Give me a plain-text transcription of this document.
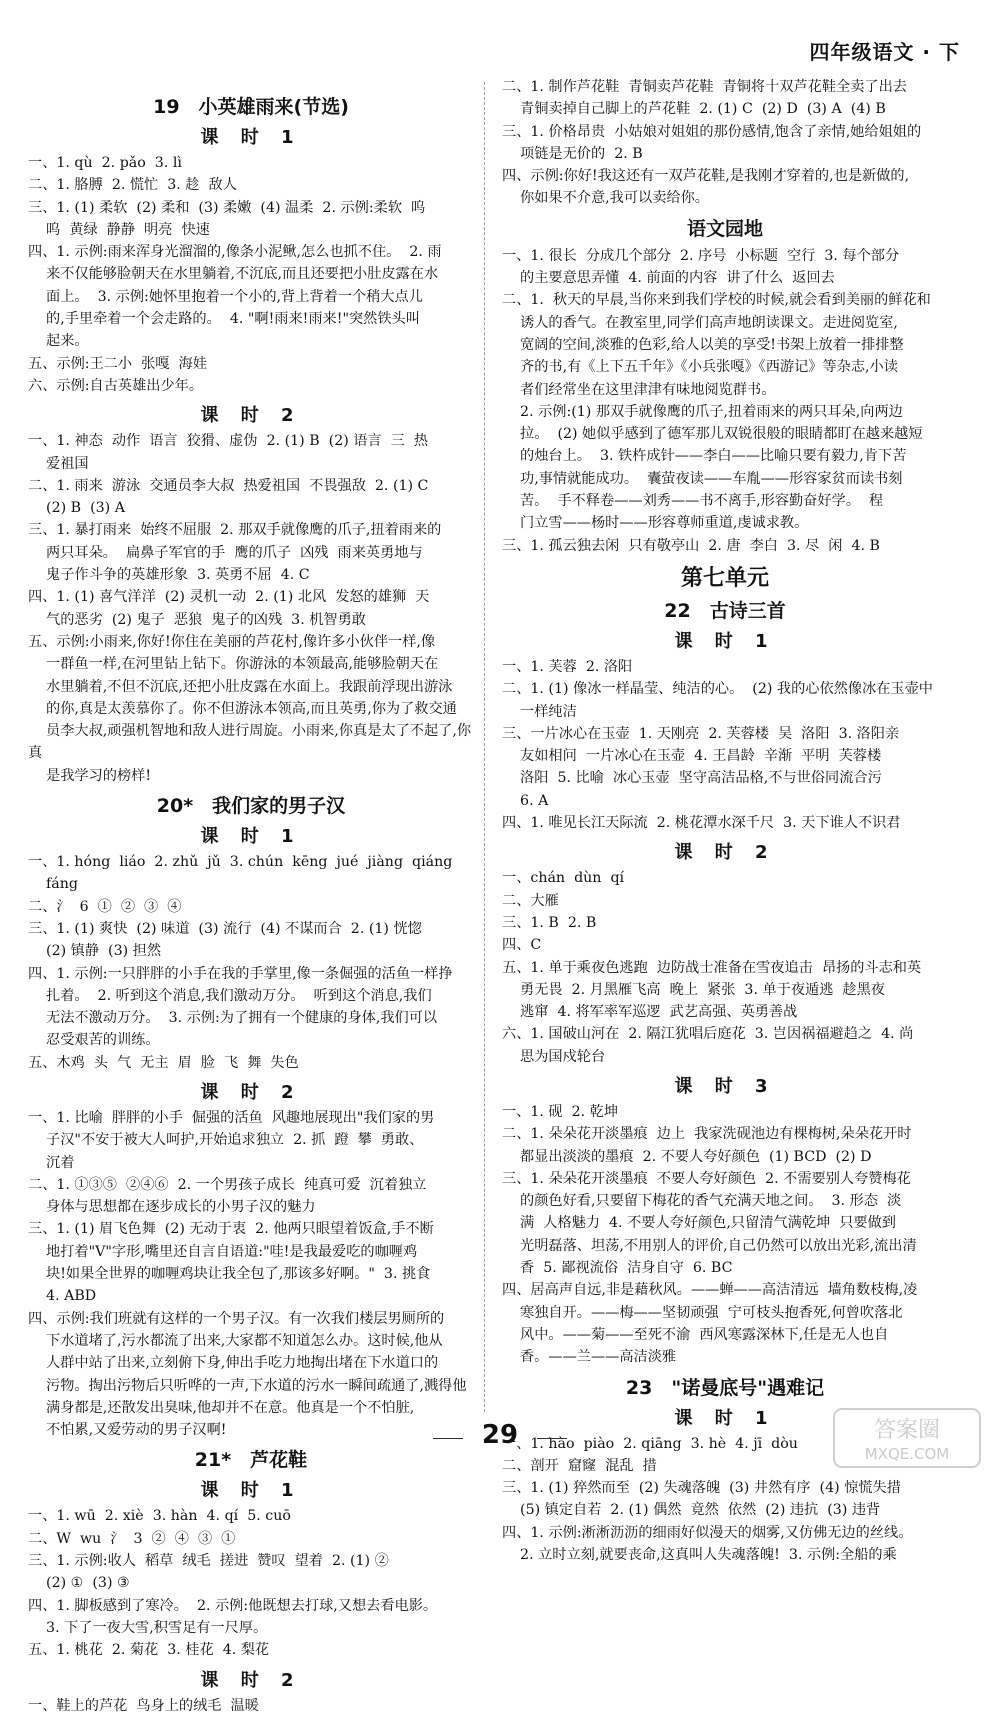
四年级语文 · 下
19　小英雄雨来(节选)
课 时 1
一、1. qù  2. pǎo  3. lì
二、1. 胳膊  2. 慌忙  3. 趁  敌人
三、1. (1) 柔软  (2) 柔和  (3) 柔嫩  (4) 温柔  2. 示例:柔软  呜
呜  黄绿  静静  明亮  快速
四、1. 示例:雨来浑身光溜溜的,像条小泥鳅,怎么也抓不住。  2. 雨
来不仅能够脸朝天在水里躺着,不沉底,而且还要把小肚皮露在水
面上。  3. 示例:她怀里抱着一个小的,背上背着一个稍大点儿
的,手里牵着一个会走路的。  4. "啊!雨来!雨来!"突然铁头叫
起来。
五、示例:王二小  张嘎  海娃
六、示例:自古英雄出少年。
课 时 2
一、1. 神态  动作  语言  狡猾、虚伪  2. (1) B  (2) 语言  三  热
爱祖国
二、1. 雨来  游泳  交通员李大叔  热爱祖国  不畏强敌  2. (1) C
(2) B  (3) A
三、1. 暴打雨来  始终不屈服  2. 那双手就像鹰的爪子,扭着雨来的
两只耳朵。  扁鼻子军官的手  鹰的爪子  凶残  雨来英勇地与
鬼子作斗争的英雄形象  3. 英勇不屈  4. C
四、1. (1) 喜气洋洋  (2) 灵机一动  2. (1) 北风  发怒的雄狮  天
气的恶劣  (2) 鬼子  恶狼  鬼子的凶残  3. 机智勇敢
五、示例:小雨来,你好!你住在美丽的芦花村,像许多小伙伴一样,像
一群鱼一样,在河里钻上钻下。你游泳的本领最高,能够脸朝天在
水里躺着,不但不沉底,还把小肚皮露在水面上。我跟前浮现出游泳
的你,真是太羡慕你了。你不但游泳本领高,而且英勇,你为了救交通
员李大叔,顽强机智地和敌人进行周旋。小雨来,你真是太了不起了,你真
是我学习的榜样!
20*　我们家的男子汉
课 时 1
一、1. hóng  liáo  2. zhǔ  jǔ  3. chún  kēng  jué  jiàng  qiáng
fáng
二、氵  6  ①  ②  ③  ④
三、1. (1) 爽快  (2) 味道  (3) 流行  (4) 不谋而合  2. (1) 恍惚
(2) 镇静  (3) 担然
四、1. 示例:一只胖胖的小手在我的手掌里,像一条倔强的活鱼一样挣
扎着。  2. 听到这个消息,我们激动万分。  听到这个消息,我们
无法不激动万分。  3. 示例:为了拥有一个健康的身体,我们可以
忍受艰苦的训练。
五、木鸡  头  气  无主  眉  脸  飞  舞  失色
课 时 2
一、1. 比喻  胖胖的小手  倔强的活鱼  风趣地展现出"我们家的男
子汉"不安于被大人呵护,开始追求独立  2. 抓  蹬  攀  勇敢、
沉着
二、1. ①③⑤  ②④⑥  2. 一个男孩子成长  纯真可爱  沉着独立
身体与思想都在逐步成长的小男子汉的魅力
三、1. (1) 眉飞色舞  (2) 无动于衷  2. 他两只眼望着饭盒,手不断
地打着"V"字形,嘴里还自言自语道:"哇!是我最爱吃的咖喱鸡
块!如果全世界的咖喱鸡块让我全包了,那该多好啊。"  3. 挑食
4. ABD
四、示例:我们班就有这样的一个男子汉。有一次我们楼层男厕所的
下水道堵了,污水都流了出来,大家都不知道怎么办。这时候,他从
人群中站了出来,立刻俯下身,伸出手吃力地掏出堵在下水道口的
污物。掏出污物后只听哗的一声,下水道的污水一瞬间疏通了,溅得他
满身都是,还散发出臭味,他却并不在意。他真是一个不怕脏,
不怕累,又爱劳动的男子汉啊!
21*　芦花鞋
课 时 1
一、1. wū  2. xiè  3. hàn  4. qí  5. cuō
二、W  wu  氵  3  ②  ④  ③  ①
三、1. 示例:收人  稻草  绒毛  搓进  赞叹  望着  2. (1) ②
(2) ①  (3) ③
四、1. 脚板感到了寒冷。  2. 示例:他既想去打球,又想去看电影。
3. 下了一夜大雪,积雪足有一尺厚。
五、1. 桃花  2. 菊花  3. 桂花  4. 梨花
课 时 2
一、鞋上的芦花  鸟身上的绒毛  温暖
二、1. 制作芦花鞋  青铜卖芦花鞋  青铜将十双芦花鞋全卖了出去
青铜卖掉自己脚上的芦花鞋  2. (1) C  (2) D  (3) A  (4) B
三、1. 价格昂贵  小姑娘对姐姐的那份感情,饱含了亲情,她给姐姐的
项链是无价的  2. B
四、示例:你好!我这还有一双芦花鞋,是我刚才穿着的,也是新做的,
你如果不介意,我可以卖给你。
语文园地
一、1. 很长  分成几个部分  2. 序号  小标题  空行  3. 每个部分
的主要意思弄懂  4. 前面的内容  讲了什么  返回去
二、1.  秋天的早晨,当你来到我们学校的时候,就会看到美丽的鲜花和
诱人的香气。在教室里,同学们高声地朗读课文。走进阅览室,
宽阔的空间,淡雅的色彩,给人以美的享受!书架上放着一排排整
齐的书,有《上下五千年》《小兵张嘎》《西游记》等杂志,小读
者们经常坐在这里津津有味地阅览群书。
2. 示例:(1) 那双手就像鹰的爪子,扭着雨来的两只耳朵,向两边
拉。  (2) 她似乎感到了德军那儿双锐很般的眼睛都盯在越来越短
的烛台上。  3. 铁杵成针——李白——比喻只要有毅力,肯下苦
功,事情就能成功。  囊萤夜读——车胤——形容家贫而读书刻
苦。  手不释卷——刘秀——书不离手,形容勤奋好学。  程
门立雪——杨时——形容尊师重道,虔诚求教。
三、1. 孤云独去闲  只有敬亭山  2. 唐  李白  3. 尽  闲  4. B
第七单元
22　古诗三首
课 时 1
一、1. 芙蓉  2. 洛阳
二、1. (1) 像冰一样晶莹、纯洁的心。  (2) 我的心依然像冰在玉壶中
一样纯洁
三、一片冰心在玉壶  1. 天刚亮  2. 芙蓉楼  吴  洛阳  3. 洛阳亲
友如相问  一片冰心在玉壶  4. 王昌龄  辛渐  平明  芙蓉楼
洛阳  5. 比喻  冰心玉壶  坚守高洁品格,不与世俗同流合污
6. A
四、1. 唯见长江天际流  2. 桃花潭水深千尺  3. 天下谁人不识君
课 时 2
一、chán  dùn  qí
二、大雁
三、1. B  2. B
四、C
五、1. 单于乘夜色逃跑  边防战士准备在雪夜追击  昂扬的斗志和英
勇无畏  2. 月黑雁飞高  晚上  紧张  3. 单于夜遁逃  趁黑夜
逃窜  4. 将军率军巡逻  武艺高强、英勇善战
六、1. 国破山河在  2. 隔江犹唱后庭花  3. 岂因祸福避趋之  4. 尚
思为国戍轮台
课 时 3
一、1. 砚  2. 乾坤
二、1. 朵朵花开淡墨痕  边上  我家洗砚池边有棵梅树,朵朵花开时
都显出淡淡的墨痕  2. 不要人夸好颜色  (1) BCD  (2) D
三、1. 朵朵花开淡墨痕  不要人夸好颜色  2. 不需要别人夸赞梅花
的颜色好看,只要留下梅花的香气充满天地之间。  3. 形态  淡
满  人格魅力  4. 不要人夸好颜色,只留清气满乾坤  只要做到
光明磊落、坦荡,不用别人的评价,自己仍然可以放出光彩,流出清
香  5. 鄙视流俗  洁身自守  6. BC
四、居高声自远,非是藉秋风。——蝉——高洁清远  墙角数枝梅,凌
寒独自开。——梅——坚韧顽强  宁可枝头抱香死,何曾吹落北
风中。——菊——至死不渝  西风寒露深林下,任是无人也自
香。——兰——高洁淡雅
23　"诺曼底号"遇难记
课 时 1
一、1. hào  piào  2. qiāng  3. hè  4. jī  dòu
二、剖开  窟窿  混乱  措
三、1. (1) 猝然而至  (2) 失魂落魄  (3) 井然有序  (4) 惊慌失措
(5) 镇定自若  2. (1) 偶然  竟然  依然  (2) 违抗  (3) 违背
四、1. 示例:淅淅沥沥的细雨好似漫天的烟雾,又仿佛无边的丝线。
2. 立时立刻,就要丧命,这真叫人失魂落魄!  3. 示例:全船的乘
29	答案圈
MXQE.COM
